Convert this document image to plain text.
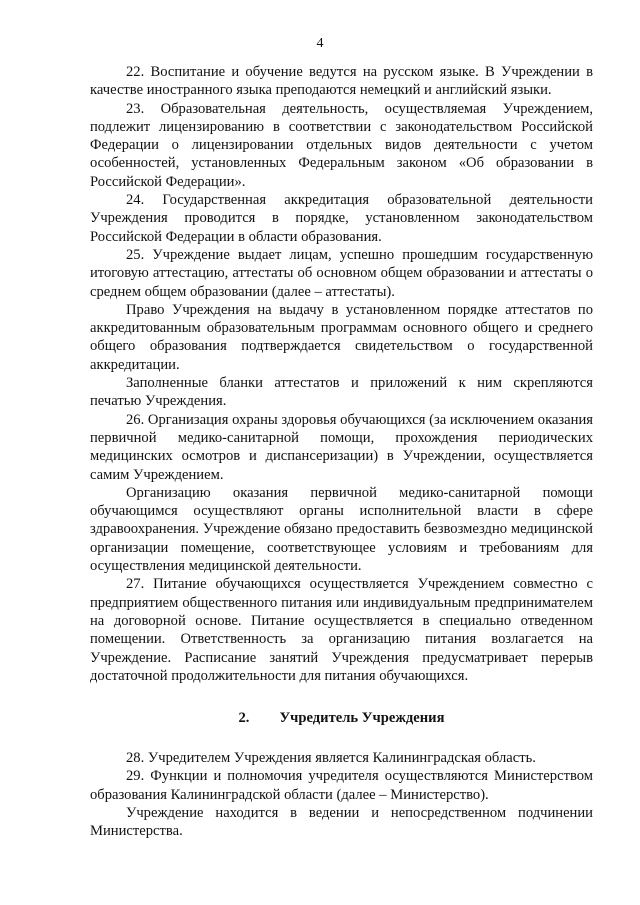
4

22. Воспитание и обучение ведутся на русском языке. В Учреждении в качестве иностранного языка преподаются немецкий и английский языки.

23. Образовательная деятельность, осуществляемая Учреждением, подлежит лицензированию в соответствии с законодательством Российской Федерации о лицензировании отдельных видов деятельности с учетом особенностей, установленных Федеральным законом «Об образовании в Российской Федерации».

24. Государственная аккредитация образовательной деятельности Учреждения проводится в порядке, установленном законодательством Российской Федерации в области образования.

25. Учреждение выдает лицам, успешно прошедшим государственную итоговую аттестацию, аттестаты об основном общем образовании и аттестаты о среднем общем образовании (далее – аттестаты).

Право Учреждения на выдачу в установленном порядке аттестатов по аккредитованным образовательным программам основного общего и среднего общего образования подтверждается свидетельством о государственной аккредитации.

Заполненные бланки аттестатов и приложений к ним скрепляются печатью Учреждения.

26. Организация охраны здоровья обучающихся (за исключением оказания первичной медико-санитарной помощи, прохождения периодических медицинских осмотров и диспансеризации) в Учреждении, осуществляется самим Учреждением.

Организацию оказания первичной медико-санитарной помощи обучающимся осуществляют органы исполнительной власти в сфере здравоохранения. Учреждение обязано предоставить безвозмездно медицинской организации помещение, соответствующее условиям и требованиям для осуществления медицинской деятельности.

27. Питание обучающихся осуществляется Учреждением совместно с предприятием общественного питания или индивидуальным предпринимателем на договорной основе. Питание осуществляется в специально отведенном помещении. Ответственность за организацию питания возлагается на Учреждение. Расписание занятий Учреждения предусматривает перерыв достаточной продолжительности для питания обучающихся.

2. Учредитель Учреждения

28. Учредителем Учреждения является Калининградская область.

29. Функции и полномочия учредителя осуществляются Министерством образования Калининградской области (далее – Министерство).

Учреждение находится в ведении и непосредственном подчинении Министерства.
